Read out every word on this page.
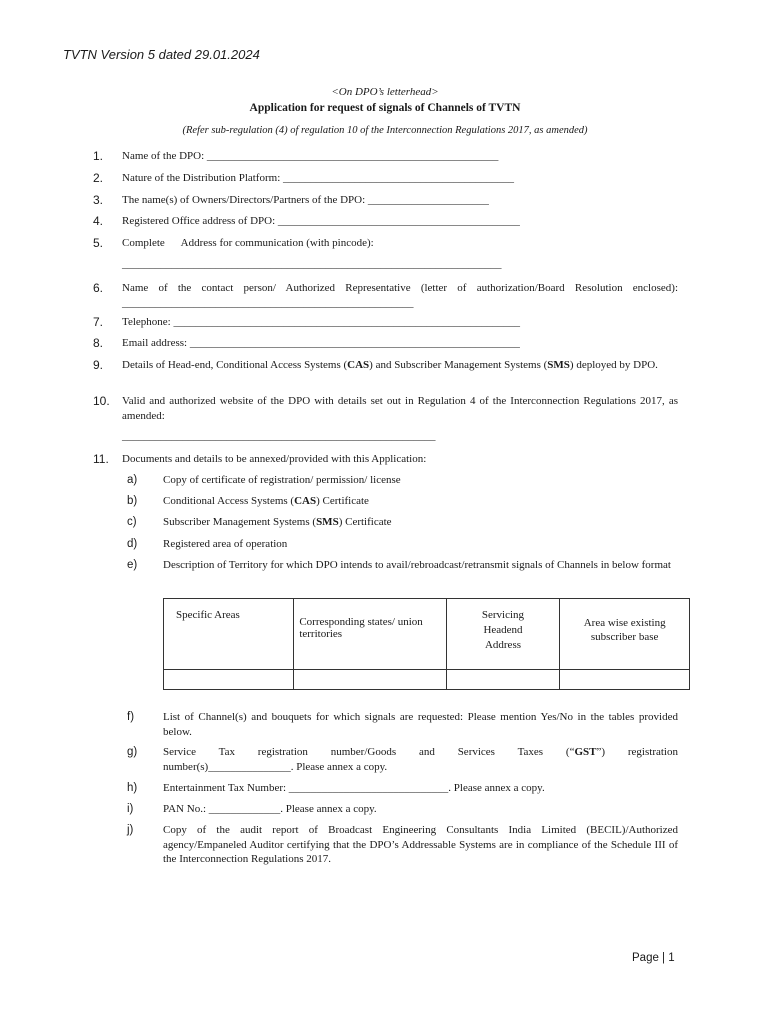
TVTN Version 5 dated 29.01.2024
<On DPO’s letterhead>
Application for request of signals of Channels of TVTN
(Refer sub-regulation (4) of regulation 10 of the Interconnection Regulations 2017, as amended)
1. Name of the DPO: _____________________________________________________
2. Nature of the Distribution Platform: __________________________________________
3. The name(s) of Owners/Directors/Partners of the DPO: ______________________
4. Registered Office address of DPO: ____________________________________________
5. Complete      Address for communication (with pincode):
_____________________________________________________________________
6. Name of the contact person/ Authorized Representative (letter of authorization/Board Resolution enclosed): _____________________________________________________
7. Telephone: _______________________________________________________________
8. Email address: ____________________________________________________________
9. Details of Head-end, Conditional Access Systems (CAS) and Subscriber Management Systems (SMS) deployed by DPO.
10. Valid and authorized website of the DPO with details set out in Regulation 4 of the Interconnection Regulations 2017, as amended:
_________________________________________________________
11. Documents and details to be annexed/provided with this Application:
a) Copy of certificate of registration/ permission/ license
b) Conditional Access Systems (CAS) Certificate
c) Subscriber Management Systems (SMS) Certificate
d) Registered area of operation
e) Description of Territory for which DPO intends to avail/rebroadcast/retransmit signals of Channels in below format
Specific Areas	Corresponding states/ union territories	Servicing Headend Address	Area wise existing subscriber base

f)	List of Channel(s) and bouquets for which signals are requested: Please mention Yes/No in the tables provided below.
g) Service   Tax   registration   number/Goods   and   Services   Taxes   (“GST”)   registration number(s)_______________. Please annex a copy.
h) Entertainment Tax Number: _____________________________. Please annex a copy.
i)	PAN No.: _____________. Please annex a copy.
j)	Copy of the audit report of Broadcast Engineering Consultants India Limited (BECIL)/Authorized agency/Empaneled Auditor certifying that the DPO’s Addressable Systems are in compliance of the Schedule III of the Interconnection Regulations 2017.
Page | 1
